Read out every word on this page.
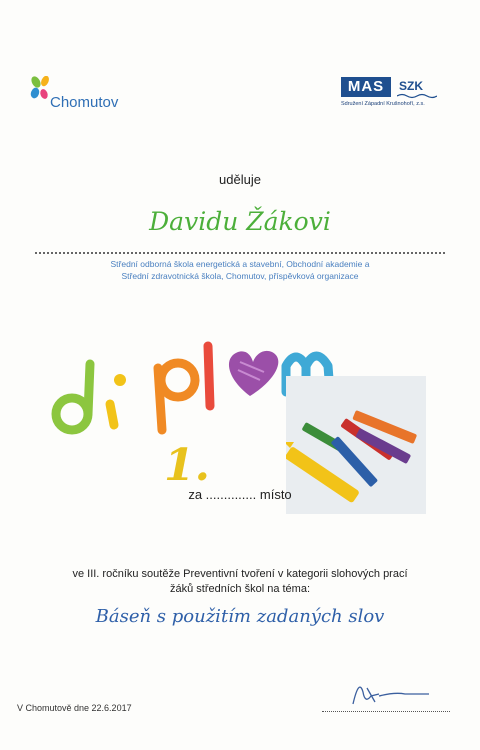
Chomutov
MAS	SZK
Sdružení Západní Krušnohoří, z.s.
uděluje
Davidu Žákovi
Střední odborná škola energetická a stavební, Obchodní akademie a
Střední zdravotnická škola, Chomutov, příspěvková organizace
1.
za .............. místo
ve III. ročníku soutěže Preventivní tvoření v kategorii slohových prací
žáků středních škol na téma:
Báseň s použitím zadaných slov
V Chomutově dne 22.6.2017
